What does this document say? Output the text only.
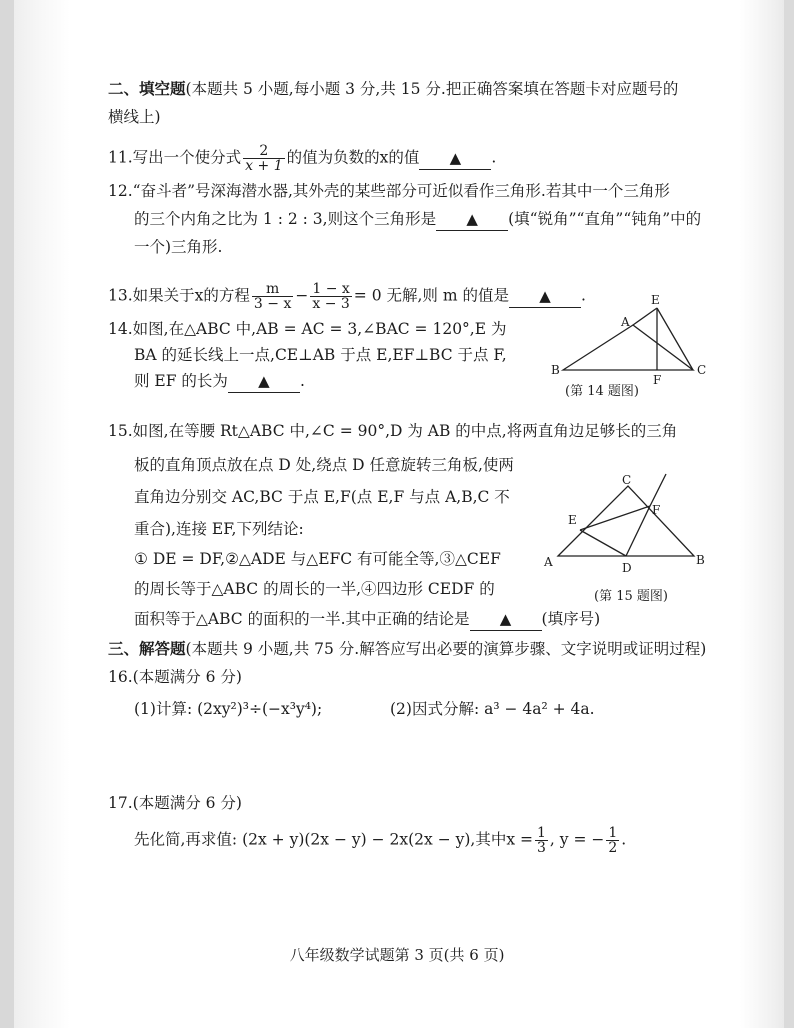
二、填空题(本题共 5 小题,每小题 3 分,共 15 分.把正确答案填在答题卡对应题号的
横线上)
11.写出一个使分式 $\frac{2}{x + 1}$ 的值为负数的x的值 ▲ .
12.“奋斗者”号深海潜水器,其外壳的某些部分可近似看作三角形.若其中一个三角形
的三个内角之比为 1 : 2 : 3,则这个三角形是 ▲ (填“锐角”“直角”“钝角”中的
一个)三角形.
13.如果关于x的方程 $\frac{m}{3 - x} - \frac{1 - x}{x - 3} = 0$ 无解,则 m 的值是 ▲ .
14.如图,在△ABC 中,AB = AC = 3,∠BAC = 120°,E 为
BA 的延长线上一点,CE⊥AB 于点 E,EF⊥BC 于点 F,
则 EF 的长为 ▲ .
E
A
B	C
F
(第 14 题图)
15.如图,在等腰 Rt△ABC 中,∠C = 90°,D 为 AB 的中点,将两直角边足够长的三角
板的直角顶点放在点 D 处,绕点 D 任意旋转三角板,使两
直角边分别交 AC,BC 于点 E,F(点 E,F 与点 A,B,C 不
重合),连接 EF,下列结论:
① DE = DF,②△ADE 与△EFC 有可能全等,③△CEF
的周长等于△ABC 的周长的一半,④四边形 CEDF 的
面积等于△ABC 的面积的一半.其中正确的结论是 ▲ (填序号)
C
E
F
A	D
B
(第 15 题图)
三、解答题(本题共 9 小题,共 75 分.解答应写出必要的演算步骤、文字说明或证明过程)
16.(本题满分 6 分)
(1)计算: (2xy²)³÷(−x³y⁴);	(2)因式分解: a³ − 4a² + 4a.
17.(本题满分 6 分)
先化简,再求值: (2x + y)(2x − y) − 2x(2x − y),其中$x = \frac{1}{3}$ , y = − $\frac{1}{2}$ .
八年级数学试题第 3 页(共 6 页)
